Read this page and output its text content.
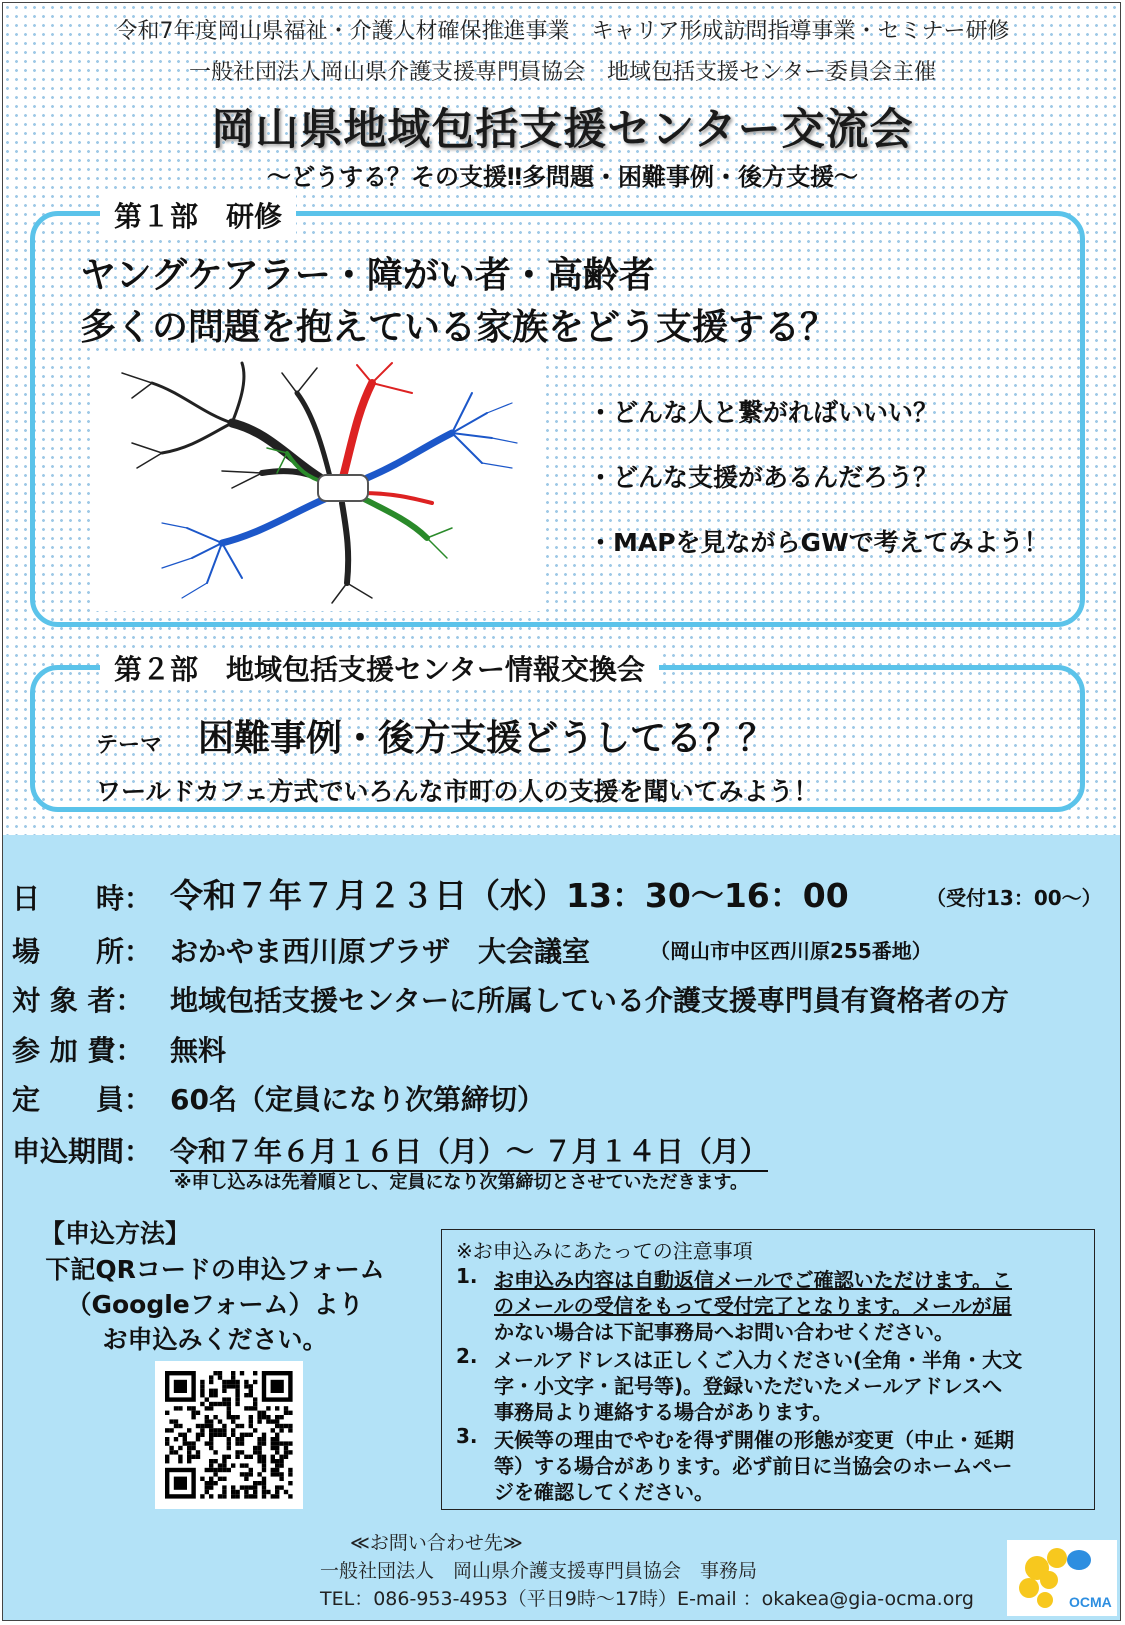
令和7年度岡山県福祉・介護人材確保推進事業　キャリア形成訪問指導事業・セミナー研修
一般社団法人岡山県介護支援専門員協会　地域包括支援センター委員会主催
岡山県地域包括支援センター交流会
～どうする？その支援‼多問題・困難事例・後方支援～
第１部　研修
ヤングケアラー・障がい者・高齢者
多くの問題を抱えている家族をどう支援する？
・どんな人と繋がればいいい？
・どんな支援があるんだろう？
・MAPを見ながらGWで考えてみよう！
第２部　地域包括支援センター情報交換会
テーマ 困難事例・後方支援どうしてる？？
ワールドカフェ方式でいろんな市町の人の支援を聞いてみよう！
日　　時： 令和７年７月２３日（水）13：30～16：00	（受付13：00～）
場　　所： おかやま西川原プラザ　大会議室	（岡山市中区西川原255番地）
対 象 者： 地域包括支援センターに所属している介護支援専門員有資格者の方
参 加 費： 無料
定　　員： 60名（定員になり次第締切）
申込期間： 令和７年６月１６日（月）～ ７月１４日（月）
※申し込みは先着順とし、定員になり次第締切とさせていただきます。
【申込方法】
下記QRコードの申込フォーム
（Googleフォーム）より
お申込みください。
※お申込みにあたっての注意事項
1. お申込み内容は自動返信メールでご確認いただけます。こ
のメールの受信をもって受付完了となります。メールが届
かない場合は下記事務局へお問い合わせください。
2. メールアドレスは正しくご入力ください(全角・半角・大文
字・小文字・記号等)。登録いただいたメールアドレスへ
事務局より連絡する場合があります。
3. 天候等の理由でやむを得ず開催の形態が変更（中止・延期
等）する場合があります。必ず前日に当協会のホームペー
ジを確認してください。
≪お問い合わせ先≫
一般社団法人　岡山県介護支援専門員協会　事務局
TEL：086-953-4953（平日9時～17時）E-mail ：okakea@gia-ocma.org	OCMA
